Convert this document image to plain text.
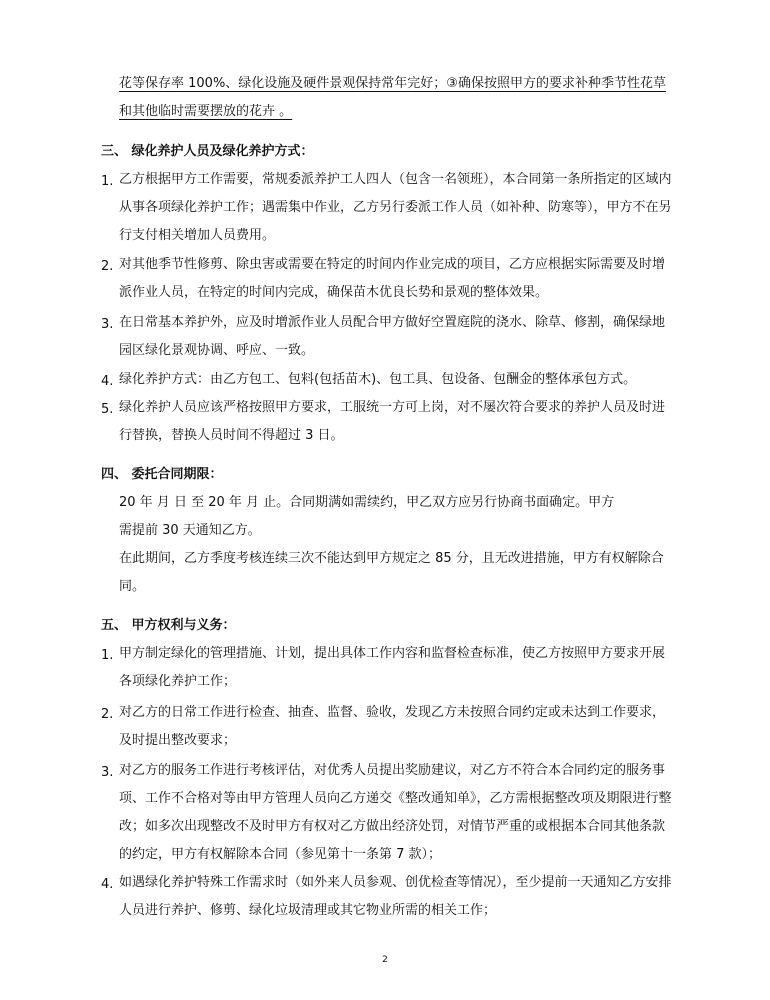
花等保存率 100%、绿化设施及硬件景观保持常年完好；③确保按照甲方的要求补种季节性花草
和其他临时需要摆放的花卉 。
三、 绿化养护人员及绿化养护方式：
1. 乙方根据甲方工作需要，常规委派养护工人四人（包含一名领班），本合同第一条所指定的区域内
从事各项绿化养护工作；遇需集中作业，乙方另行委派工作人员（如补种、防寒等），甲方不在另
行支付相关增加人员费用。
2. 对其他季节性修剪、除虫害或需要在特定的时间内作业完成的项目，乙方应根据实际需要及时增
派作业人员，在特定的时间内完成，确保苗木优良长势和景观的整体效果。
3. 在日常基本养护外，应及时增派作业人员配合甲方做好空置庭院的浇水、除草、修割，确保绿地
园区绿化景观协调、呼应、一致。
4. 绿化养护方式：由乙方包工、包料(包括苗木)、包工具、包设备、包酬金的整体承包方式。
5. 绿化养护人员应该严格按照甲方要求，工服统一方可上岗，对不屡次符合要求的养护人员及时进
行替换，替换人员时间不得超过 3 日。
四、 委托合同期限：
20 年 月 日 至 20 年 月 止。合同期满如需续约，甲乙双方应另行协商书面确定。甲方
需提前 30 天通知乙方。
在此期间，乙方季度考核连续三次不能达到甲方规定之 85 分，且无改进措施，甲方有权解除合
同。
五、 甲方权利与义务：
1. 甲方制定绿化的管理措施、计划，提出具体工作内容和监督检查标准，使乙方按照甲方要求开展
各项绿化养护工作；
2. 对乙方的日常工作进行检查、抽查、监督、验收，发现乙方未按照合同约定或未达到工作要求，
及时提出整改要求；
3. 对乙方的服务工作进行考核评估，对优秀人员提出奖励建议，对乙方不符合本合同约定的服务事
项、工作不合格对等由甲方管理人员向乙方递交《整改通知单》，乙方需根据整改项及期限进行整
改；如多次出现整改不及时甲方有权对乙方做出经济处罚，对情节严重的或根据本合同其他条款
的约定，甲方有权解除本合同（参见第十一条第 7 款）；
4. 如遇绿化养护特殊工作需求时（如外来人员参观、创优检查等情况），至少提前一天通知乙方安排
人员进行养护、修剪、绿化垃圾清理或其它物业所需的相关工作；
2
